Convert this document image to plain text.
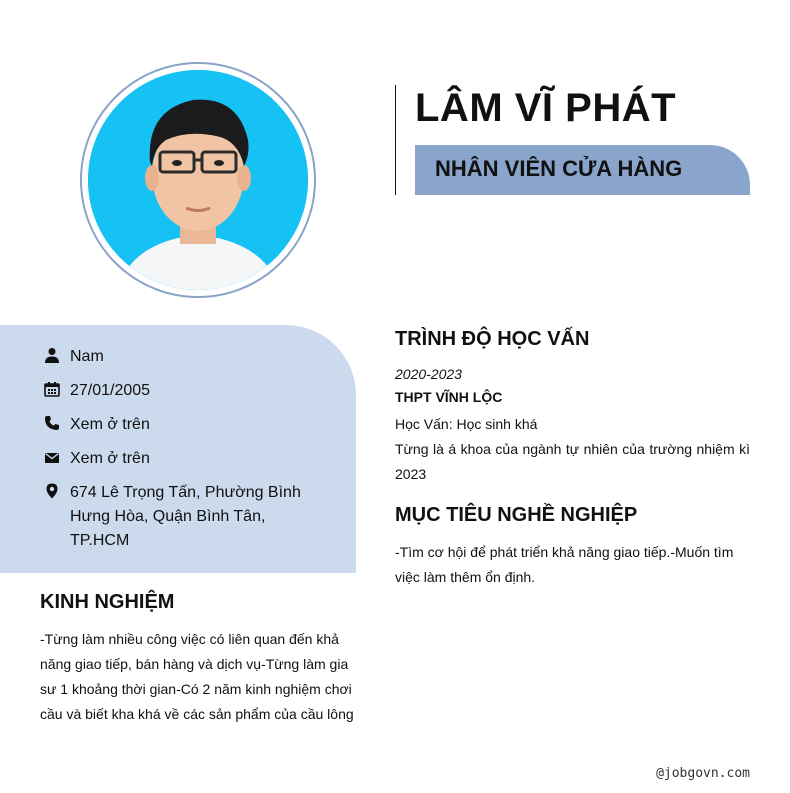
LÂM VĨ PHÁT
NHÂN VIÊN CỬA HÀNG
Nam
27/01/2005
Xem ở trên
Xem ở trên
674 Lê Trọng Tấn, Phường Bình Hưng Hòa, Quận Bình Tân, TP.HCM
KINH NGHIỆM
-Từng làm nhiều công việc có liên quan đến khả năng giao tiếp, bán hàng và dịch vụ-Từng làm gia sư 1 khoảng thời gian-Có 2 năm kinh nghiệm chơi cầu và biết kha khá về các sản phẩm của cầu lông
TRÌNH ĐỘ HỌC VẤN
2020-2023
THPT VĨNH LỘC
Học Vấn: Học sinh khá
Từng là á khoa của ngành tự nhiên của trường nhiệm kì 2023
MỤC TIÊU NGHỀ NGHIỆP
-Tìm cơ hội để phát triển khả năng giao tiếp.-Muốn tìm việc làm thêm ổn định.
@jobgovn.com
